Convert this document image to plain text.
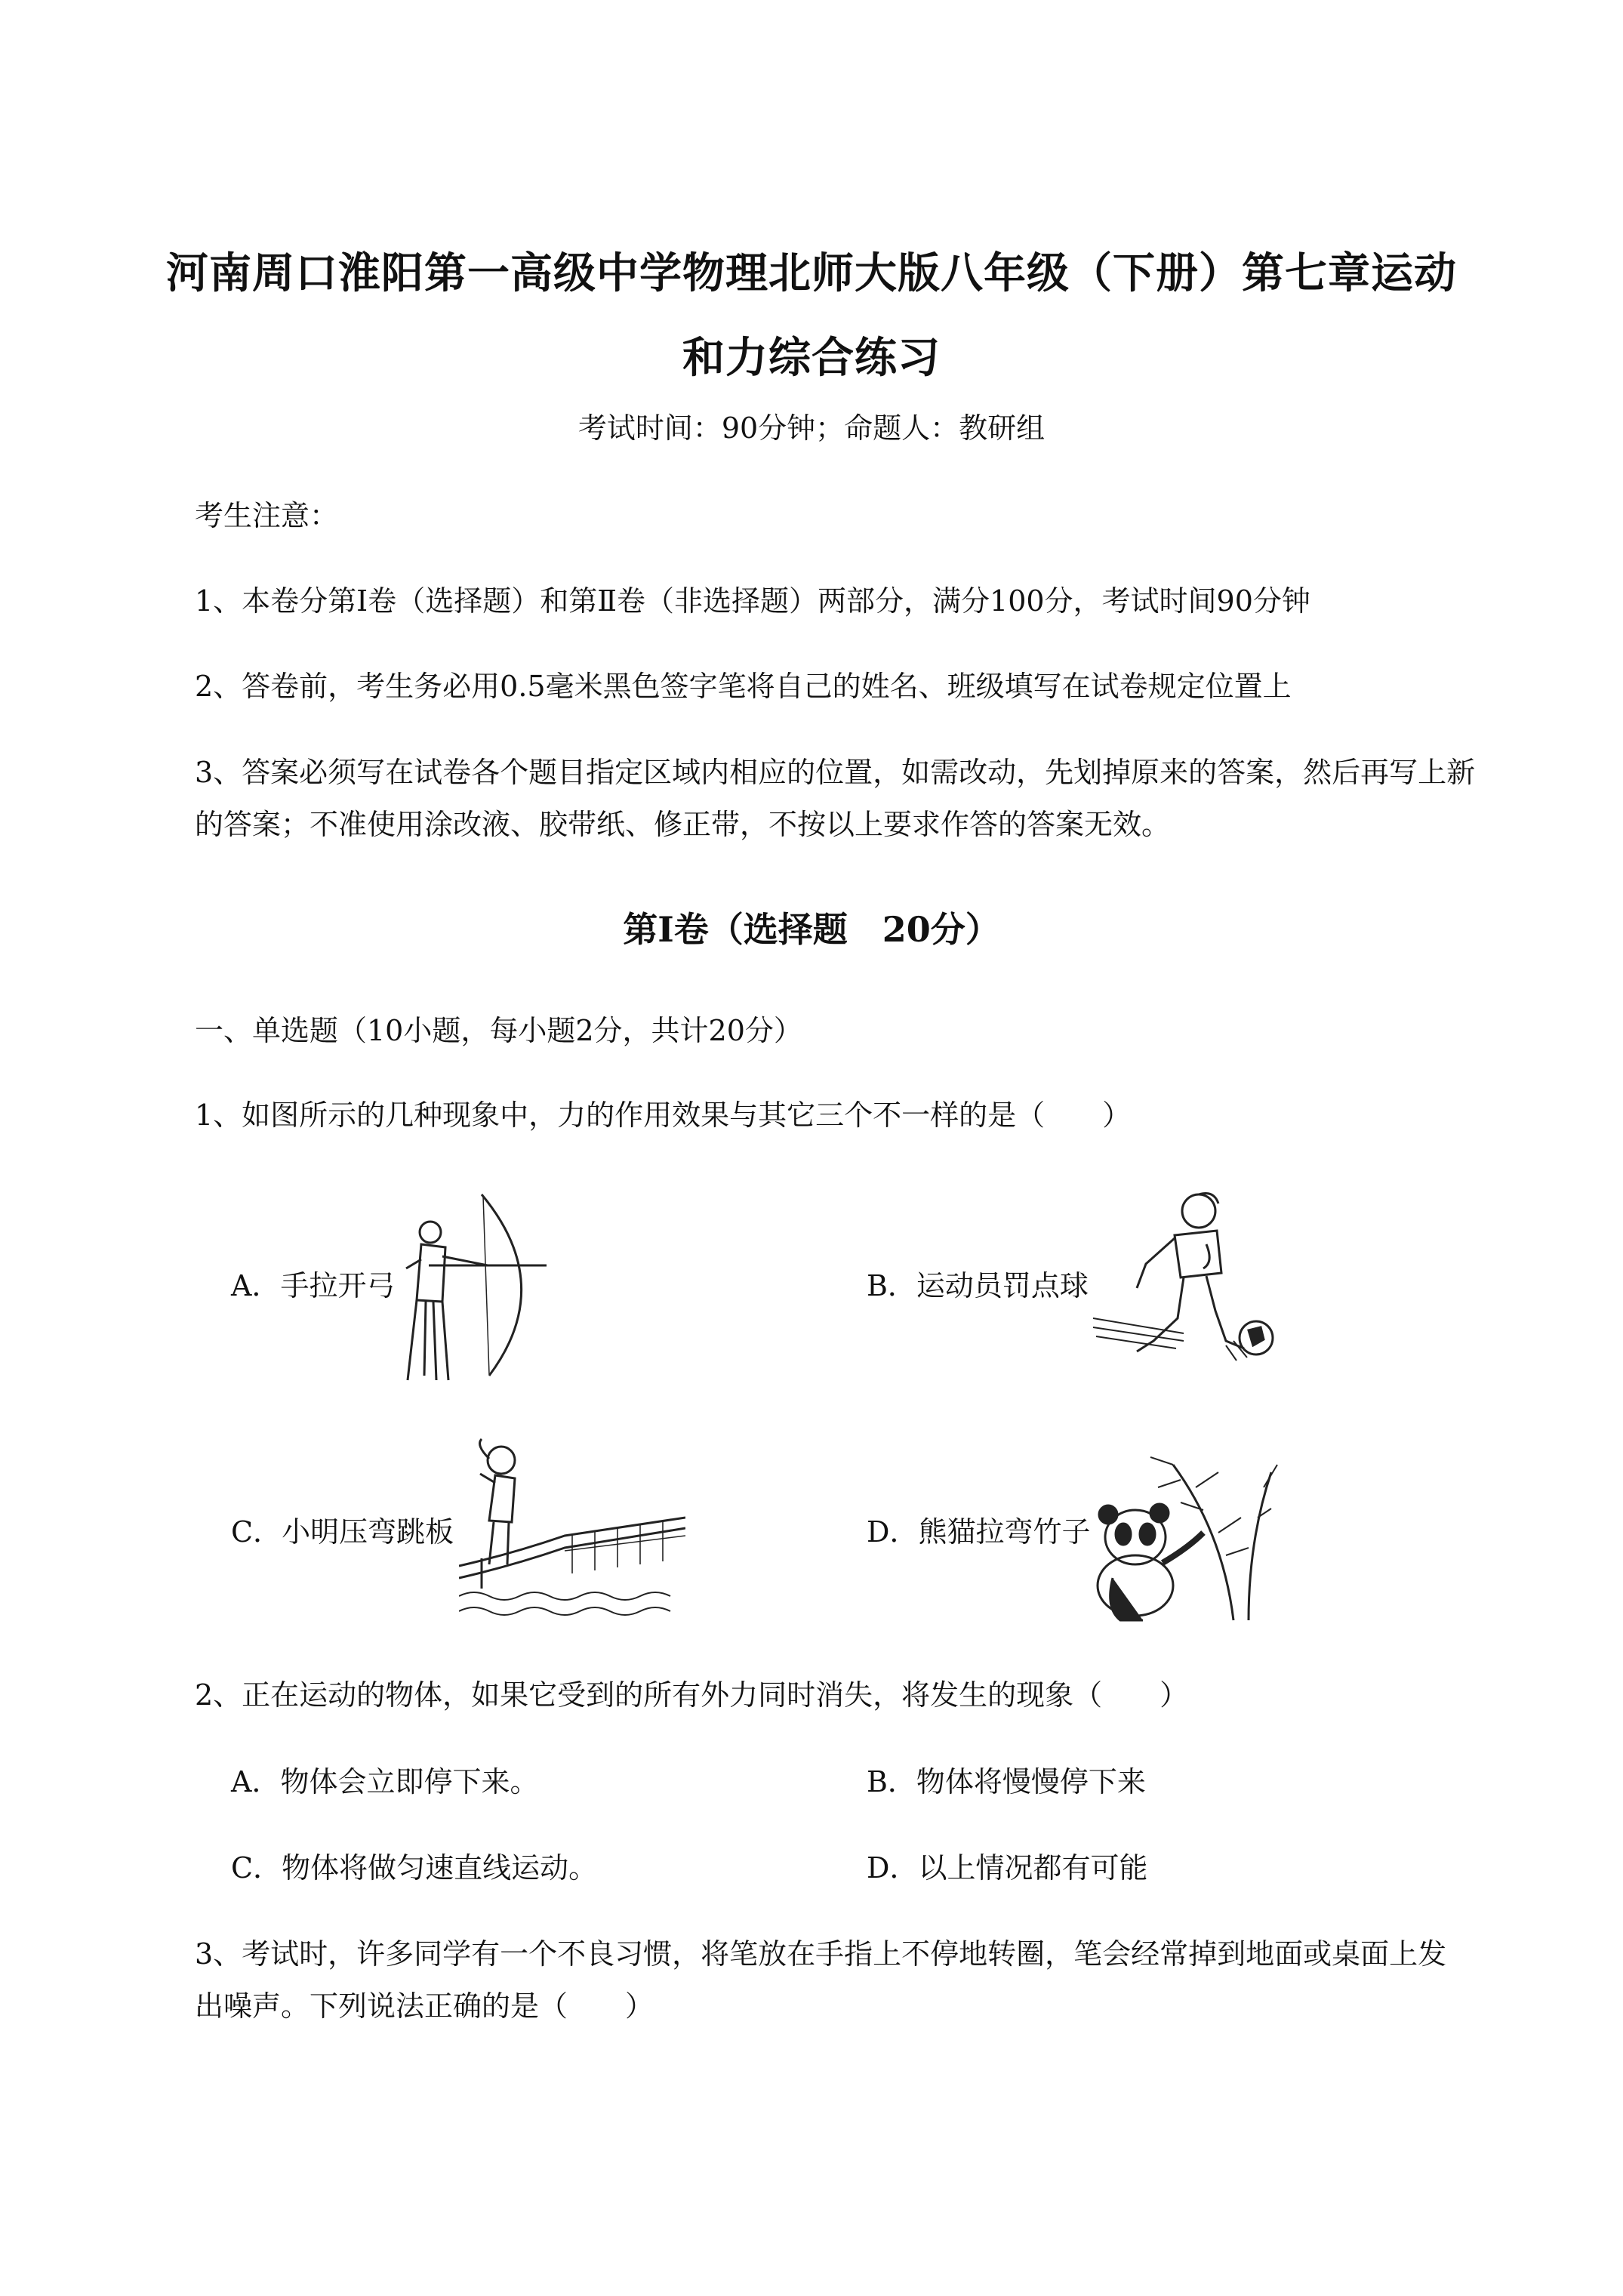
河南周口淮阳第一高级中学物理北师大版八年级（下册）第七章运动
和力综合练习
考试时间：90分钟；命题人：教研组
考生注意：
1、本卷分第I卷（选择题）和第Ⅱ卷（非选择题）两部分，满分100分，考试时间90分钟
2、答卷前，考生务必用0.5毫米黑色签字笔将自己的姓名、班级填写在试卷规定位置上
3、答案必须写在试卷各个题目指定区域内相应的位置，如需改动，先划掉原来的答案，然后再写上新
的答案；不准使用涂改液、胶带纸、修正带，不按以上要求作答的答案无效。
第I卷（选择题　20分）
一、单选题（10小题，每小题2分，共计20分）
1、如图所示的几种现象中，力的作用效果与其它三个不一样的是（　　）
A．手拉开弓	B．运动员罚点球
C．小明压弯跳板	D．熊猫拉弯竹子
2、正在运动的物体，如果它受到的所有外力同时消失，将发生的现象（　　）
A．物体会立即停下来。	B．物体将慢慢停下来
C．物体将做匀速直线运动。	D．以上情况都有可能
3、考试时，许多同学有一个不良习惯，将笔放在手指上不停地转圈，笔会经常掉到地面或桌面上发
出噪声。下列说法正确的是（　　）
